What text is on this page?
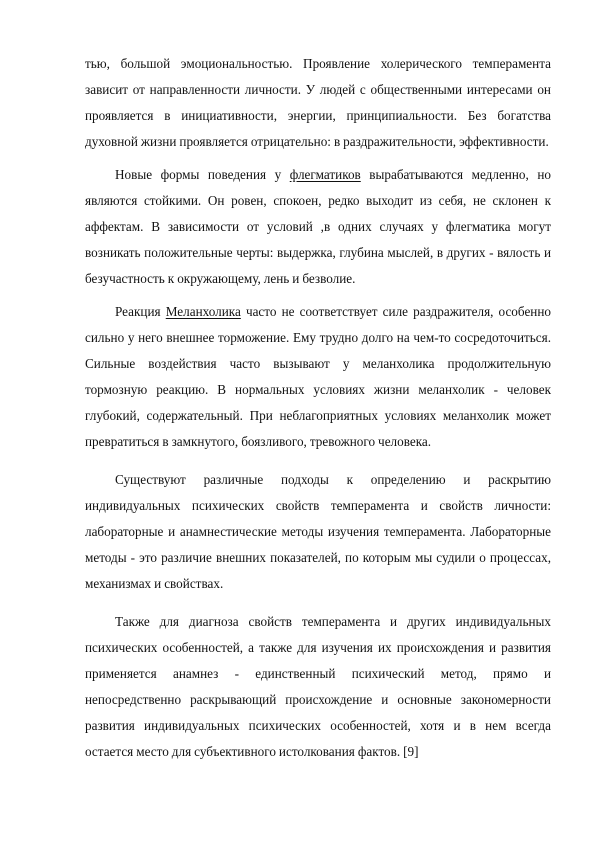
тью, большой эмоциональностью. Проявление холерического темперамента зависит от направленности личности. У людей с общественными интересами он проявляется в инициативности, энергии, принципиальности. Без богатства духовной жизни проявляется отрицательно: в раздражительности, эффективности.

Новые формы поведения у флегматиков вырабатываются медленно, но являются стойкими. Он ровен, спокоен, редко выходит из себя, не склонен к аффектам. В зависимости от условий ,в одних случаях у флегматика могут возникать положительные черты: выдержка, глубина мыслей, в других - вялость и безучастность к окружающему, лень и безволие.

Реакция Меланхолика часто не соответствует силе раздражителя, особенно сильно у него внешнее торможение. Ему трудно долго на чем-то сосредоточиться. Сильные воздействия часто вызывают у меланхолика продолжительную тормозную реакцию. В нормальных условиях жизни меланхолик - человек глубокий, содержательный. При неблагоприятных условиях меланхолик может превратиться в замкнутого, боязливого, тревожного человека.

Существуют различные подходы к определению и раскрытию индивидуальных психических свойств темперамента и свойств личности: лабораторные и анамнестические методы изучения темперамента. Лабораторные методы - это различие внешних показателей, по которым мы судили о процессах, механизмах и свойствах.

Также для диагноза свойств темперамента и других индивидуальных психических особенностей, а также для изучения их происхождения и развития применяется анамнез - единственный психический метод, прямо и непосредственно раскрывающий происхождение и основные закономерности развития индивидуальных психических особенностей, хотя и в нем всегда остается место для субъективного истолкования фактов. [9]
